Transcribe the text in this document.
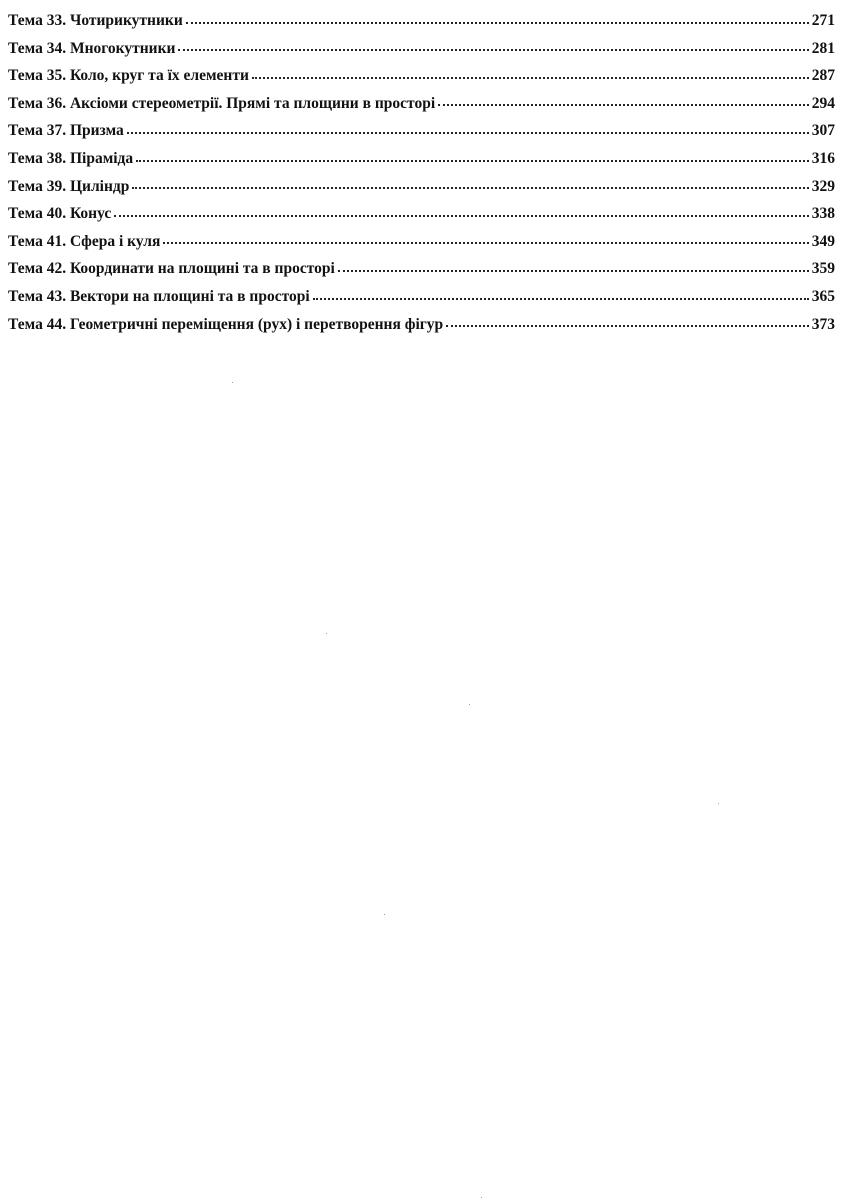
Тема 33. Чотирикутники	271
Тема 34. Многокутники	281
Тема 35. Коло, круг та їх елементи	287
Тема 36. Аксіоми стереометрії. Прямі та площини в просторі	294
Тема 37. Призма	307
Тема 38. Піраміда	316
Тема 39. Циліндр	329
Тема 40. Конус	338
Тема 41. Сфера і куля	349
Тема 42. Координати на площині та в просторі	359
Тема 43. Вектори на площині та в просторі	365
Тема 44. Геометричні переміщення (рух) і перетворення фігур	373
